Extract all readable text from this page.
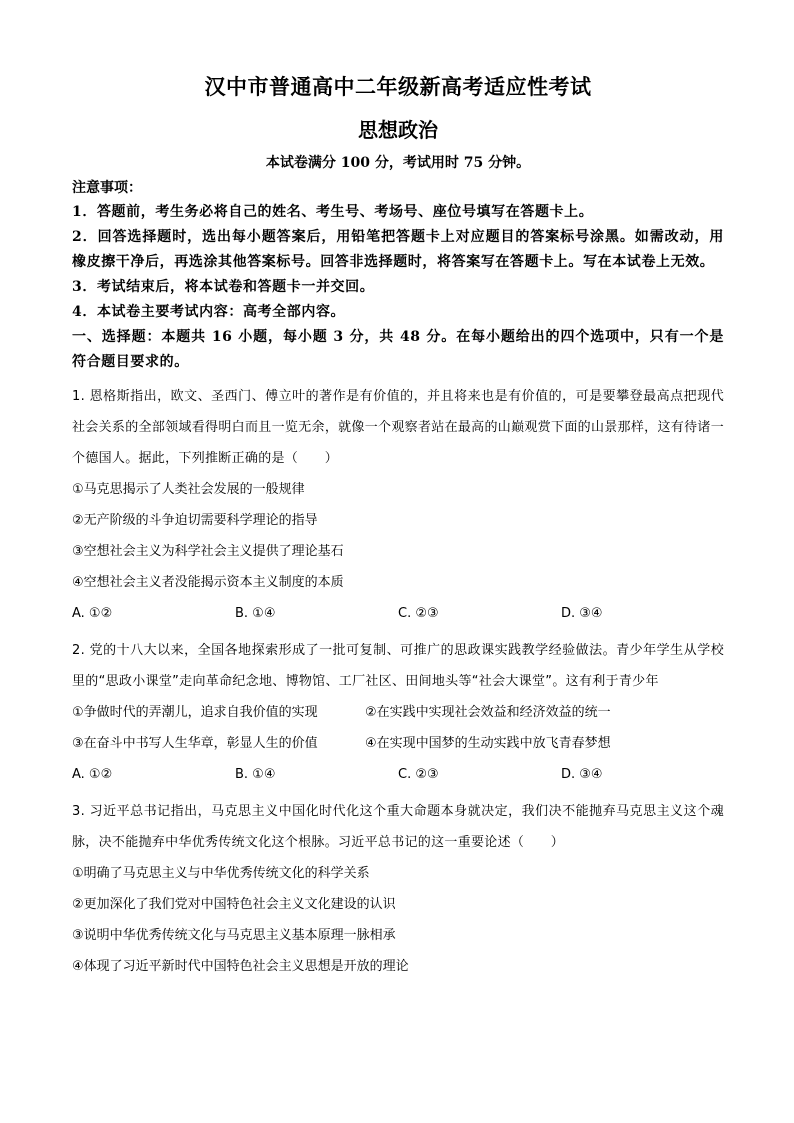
汉中市普通高中二年级新高考适应性考试
思想政治
本试卷满分 100 分，考试用时 75 分钟。
注意事项：
1．答题前，考生务必将自己的姓名、考生号、考场号、座位号填写在答题卡上。
2．回答选择题时，选出每小题答案后，用铅笔把答题卡上对应题目的答案标号涂黑。如需改动，用橡皮擦干净后，再选涂其他答案标号。回答非选择题时，将答案写在答题卡上。写在本试卷上无效。
3．考试结束后，将本试卷和答题卡一并交回。
4．本试卷主要考试内容：高考全部内容。
一、选择题：本题共 16 小题，每小题 3 分，共 48 分。在每小题给出的四个选项中，只有一个是符合题目要求的。
1. 恩格斯指出，欧文、圣西门、傅立叶的著作是有价值的，并且将来也是有价值的，可是要攀登最高点把现代社会关系的全部领域看得明白而且一览无余，就像一个观察者站在最高的山巅观赏下面的山景那样，这有待诸一个德国人。据此，下列推断正确的是（　　）
①马克思揭示了人类社会发展的一般规律
②无产阶级的斗争迫切需要科学理论的指导
③空想社会主义为科学社会主义提供了理论基石
④空想社会主义者没能揭示资本主义制度的本质
A. ①②	B. ①④	C. ②③	D. ③④
2. 党的十八大以来，全国各地探索形成了一批可复制、可推广的思政课实践教学经验做法。青少年学生从学校里的“思政小课堂”走向革命纪念地、博物馆、工厂社区、田间地头等“社会大课堂”。这有利于青少年
①争做时代的弄潮儿，追求自我价值的实现	②在实践中实现社会效益和经济效益的统一
③在奋斗中书写人生华章，彰显人生的价值	④在实现中国梦的生动实践中放飞青春梦想
A. ①②	B. ①④	C. ②③	D. ③④
3. 习近平总书记指出，马克思主义中国化时代化这个重大命题本身就决定，我们决不能抛弃马克思主义这个魂脉，决不能抛弃中华优秀传统文化这个根脉。习近平总书记的这一重要论述（　　）
①明确了马克思主义与中华优秀传统文化的科学关系
②更加深化了我们党对中国特色社会主义文化建设的认识
③说明中华优秀传统文化与马克思主义基本原理一脉相承
④体现了习近平新时代中国特色社会主义思想是开放的理论
